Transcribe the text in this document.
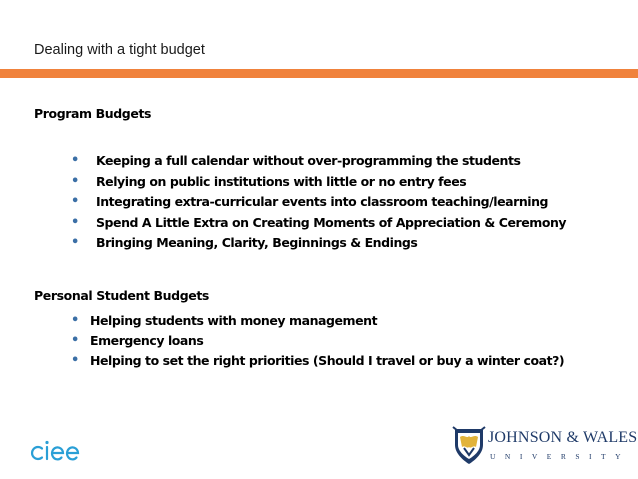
Dealing with a tight budget
Program Budgets
• Keeping a full calendar without over-programming the students
• Relying on public institutions with little or no entry fees
• Integrating extra-curricular events into classroom teaching/learning
• Spend A Little Extra on Creating Moments of Appreciation & Ceremony
• Bringing Meaning, Clarity, Beginnings & Endings
Personal Student Budgets
• Helping students with money management
• Emergency loans
• Helping to set the right priorities (Should I travel or buy a winter coat?)
JOHNSON & WALES
UNIVERSITY
